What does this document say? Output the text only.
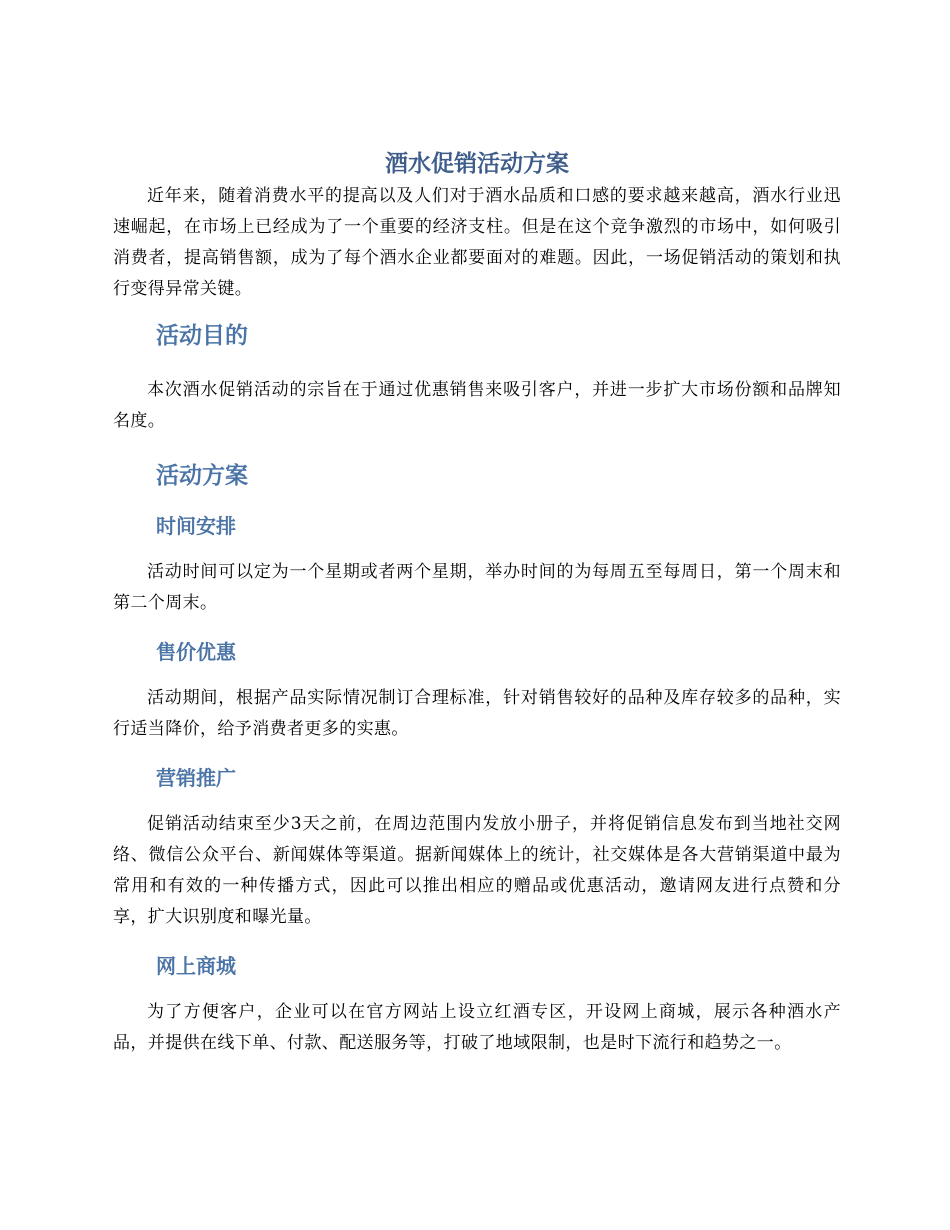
酒水促销活动方案

近年来，随着消费水平的提高以及人们对于酒水品质和口感的要求越来越高，酒水行业迅速崛起，在市场上已经成为了一个重要的经济支柱。但是在这个竞争激烈的市场中，如何吸引消费者，提高销售额，成为了每个酒水企业都要面对的难题。因此，一场促销活动的策划和执行变得异常关键。

活动目的

本次酒水促销活动的宗旨在于通过优惠销售来吸引客户，并进一步扩大市场份额和品牌知名度。

活动方案
时间安排

活动时间可以定为一个星期或者两个星期，举办时间的为每周五至每周日，第一个周末和第二个周末。

售价优惠

活动期间，根据产品实际情况制订合理标准，针对销售较好的品种及库存较多的品种，实行适当降价，给予消费者更多的实惠。

营销推广

促销活动结束至少3天之前，在周边范围内发放小册子，并将促销信息发布到当地社交网络、微信公众平台、新闻媒体等渠道。据新闻媒体上的统计，社交媒体是各大营销渠道中最为常用和有效的一种传播方式，因此可以推出相应的赠品或优惠活动，邀请网友进行点赞和分享，扩大识别度和曝光量。

网上商城

为了方便客户，企业可以在官方网站上设立红酒专区，开设网上商城，展示各种酒水产品，并提供在线下单、付款、配送服务等，打破了地域限制，也是时下流行和趋势之一。
